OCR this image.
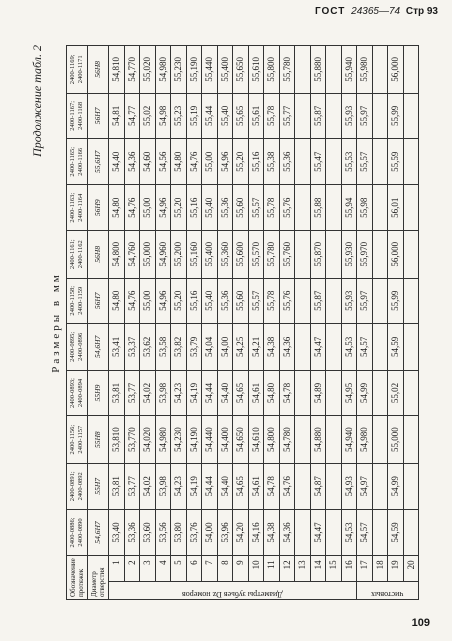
ГОСТ 24365—74 Стр 93
Продолжение табл. 2
Размеры в мм
Обозначение протяжек		2400-0886; 2400-0890	2400-0891; 2400-0892	2400-1156; 2400-1157	2400-0893; 2400-0894	2400-0895; 2400-0896	2400-1158; 2400-1159	2400-1161; 2400-1162	2400-1163; 2400-1164	2400-1165; 2400-1166	2400-1167; 2400-1168	2400-1169; 2400-1171
Диаметр отверстия		54,6H7	55H7	55H8	55H9	54,6H7	56H7	56H8	56H9	55,6H7	56H7	56H8

Диаметры зубьев Dz номеров	1	53,40	53,81	53,810	53,81	53,41	54,80	54,800	54,80	54,40	54,81	54,810
	2	53,36	53,77	53,770	53,77	53,37	54,76	54,760	54,76	54,36	54,77	54,770
	3	53,60	54,02	54,020	54,02	53,62	55,00	55,000	55,00	54,60	55,02	55,020
	4	53,56	53,98	54,980	53,98	53,58	54,96	54,960	54,96	54,56	54,98	54,980
	5	53,80	54,23	54,230	54,23	53,82	55,20	55,200	55,20	54,80	55,23	55,230
	6	53,76	54,19	54,190	54,19	53,79	55,16	55,160	55,16	54,76	55,19	55,190
	7	54,00	54,44	54,440	54,44	54,04	55,40	55,400	55,40	55,00	55,44	55,440
	8	53,96	54,40	54,400	54,40	54,00	55,36	55,360	55,36	54,96	55,40	55,400
	9	54,20	54,65	54,650	54,65	54,25	55,60	55,600	55,60	55,20	55,65	55,650
	10	54,16	54,61	54,610	54,61	54,21	55,57	55,570	55,57	55,16	55,61	55,610
	11	54,38	54,78	54,800	54,80	54,38	55,78	55,780	55,78	55,38	55,78	55,800
	12	54,36	54,76	54,780	54,78	54,36	55,76	55,760	55,76	55,36	55,77	55,780
	13											
	14	54,47	54,87	54,880	54,89	54,47	55,87	55,870	55,88	55,47	55,87	55,880
	15											
	16	54,53	54,93	54,940	54,95	54,53	55,93	55,930	55,94	55,53	55,93	55,940

чистовых	17	54,57	54,97	54,980	54,99	54,57	55,97	55,970	55,98	55,57	55,97	55,980
	18											
	19	54,59	54,99	55,000	55,02	54,59	55,99	56,000	56,01	55,59	55,99	56,000
	20											
109
